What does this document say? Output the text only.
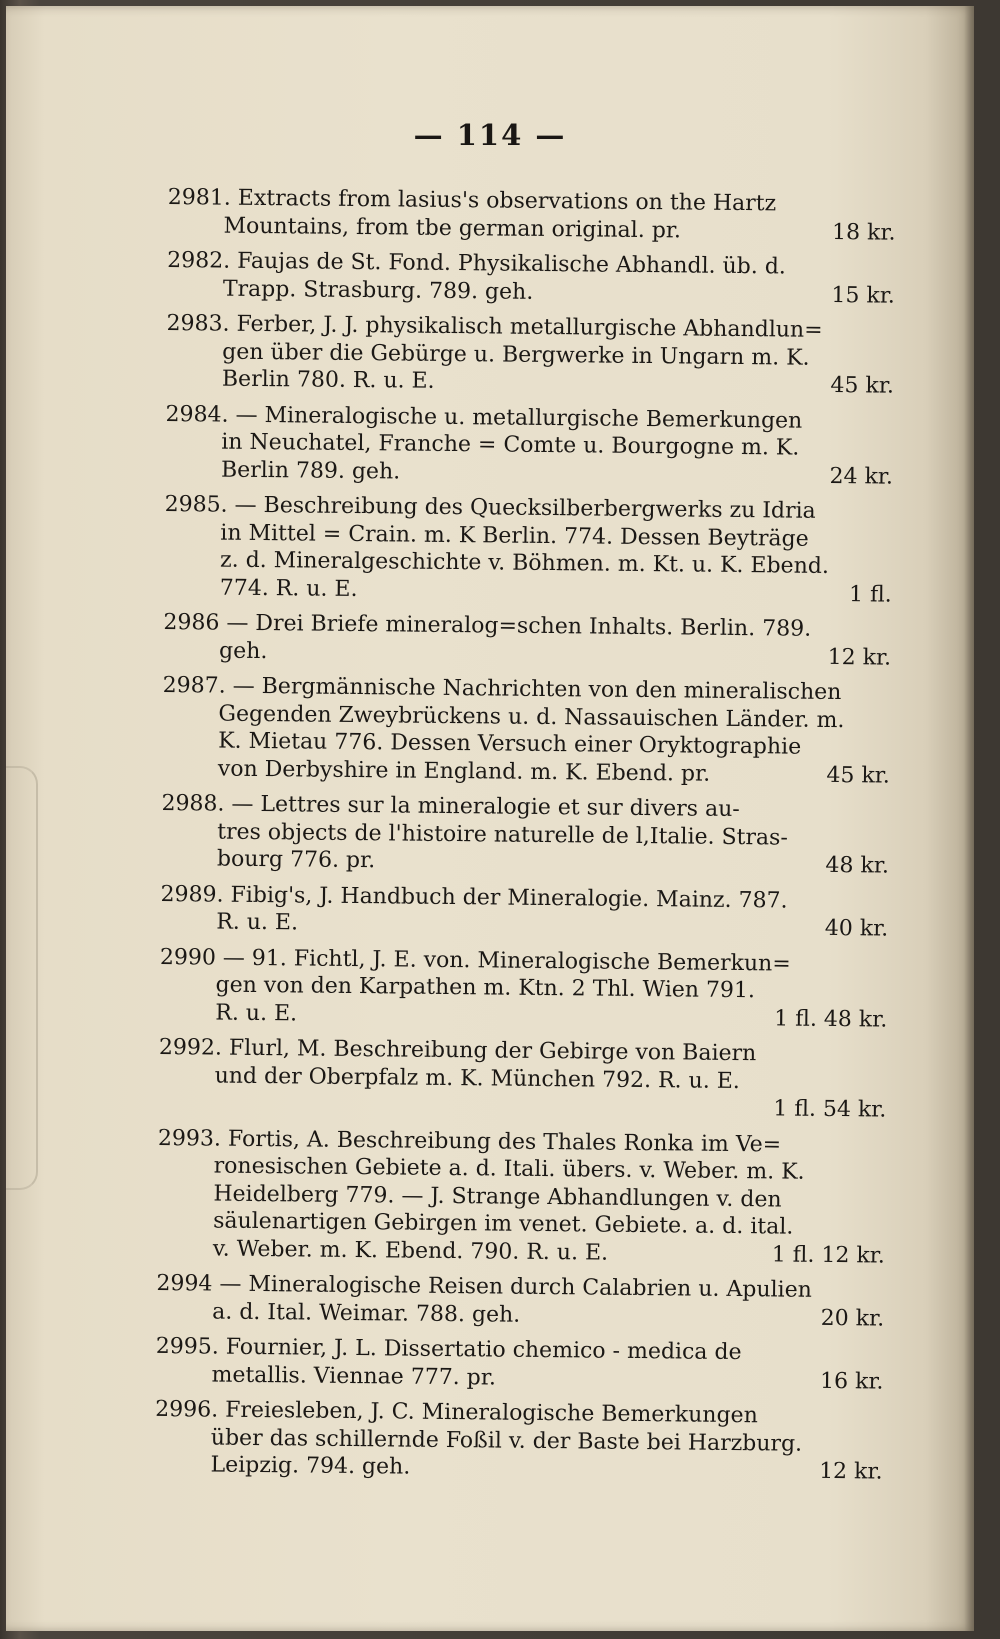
— 114 —
2981. Extracts from lasius's observations on the Hartz
Mountains, from tbe german original. pr.	18 kr.
2982. Faujas de St. Fond. Physikalische Abhandl. üb. d.
Trapp. Strasburg. 789. geh.	15 kr.
2983. Ferber, J. J. physikalisch metallurgische Abhandlun=
gen über die Gebürge u. Bergwerke in Ungarn m. K.
Berlin 780. R. u. E.	45 kr.
2984. — Mineralogische u. metallurgische Bemerkungen
in Neuchatel, Franche = Comte u. Bourgogne m. K.
Berlin 789. geh.	24 kr.
2985. — Beschreibung des Quecksilberbergwerks zu Idria
in Mittel = Crain. m. K Berlin. 774. Dessen Beyträge
z. d. Mineralgeschichte v. Böhmen. m. Kt. u. K. Ebend.
774. R. u. E.	1 fl.
2986 — Drei Briefe mineralog=schen Inhalts. Berlin. 789.
geh.	12 kr.
2987. — Bergmännische Nachrichten von den mineralischen
Gegenden Zweybrückens u. d. Nassauischen Länder. m.
K. Mietau 776. Dessen Versuch einer Oryktographie
von Derbyshire in England. m. K. Ebend. pr.	45 kr.
2988. — Lettres sur la mineralogie et sur divers au-
tres objects de l'histoire naturelle de l,Italie. Stras-
bourg 776. pr.	48 kr.
2989. Fibig's, J. Handbuch der Mineralogie. Mainz. 787.
R. u. E.	40 kr.
2990 — 91. Fichtl, J. E. von. Mineralogische Bemerkun=
gen von den Karpathen m. Ktn. 2 Thl. Wien 791.
R. u. E.	1 fl. 48 kr.
2992. Flurl, M. Beschreibung der Gebirge von Baiern
und der Oberpfalz m. K. München 792. R. u. E.
1 fl. 54 kr.
2993. Fortis, A. Beschreibung des Thales Ronka im Ve=
ronesischen Gebiete a. d. Itali. übers. v. Weber. m. K.
Heidelberg 779. — J. Strange Abhandlungen v. den
säulenartigen Gebirgen im venet. Gebiete. a. d. ital.
v. Weber. m. K. Ebend. 790. R. u. E.	1 fl. 12 kr.
2994 — Mineralogische Reisen durch Calabrien u. Apulien
a. d. Ital. Weimar. 788. geh.	20 kr.
2995. Fournier, J. L. Dissertatio chemico - medica de
metallis. Viennae 777. pr.	16 kr.
2996. Freiesleben, J. C. Mineralogische Bemerkungen
über das schillernde Foßil v. der Baste bei Harzburg.
Leipzig. 794. geh.	12 kr.
